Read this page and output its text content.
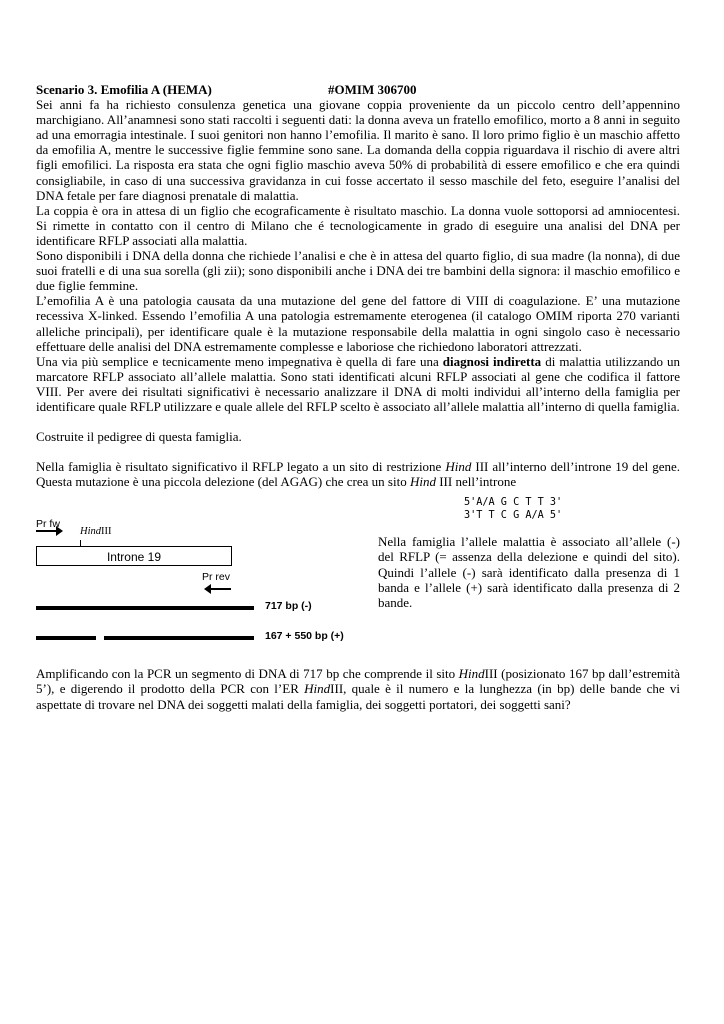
Scenario 3. Emofilia A (HEMA)	#OMIM 306700

Sei anni fa ha richiesto consulenza genetica una giovane coppia proveniente da un piccolo centro dell’appennino marchigiano. All’anamnesi sono stati raccolti i seguenti dati: la donna aveva un fratello emofilico, morto a 8 anni in seguito ad una emorragia intestinale. I suoi genitori non hanno l’emofilia. Il marito è sano. Il loro primo figlio è un maschio affetto da emofilia A, mentre le successive figlie femmine sono sane. La domanda della coppia riguardava il rischio di avere altri figli emofilici. La risposta era stata che ogni figlio maschio aveva 50% di probabilità di essere emofilico e che era quindi consigliabile, in caso di una successiva gravidanza in cui fosse accertato il sesso maschile del feto, eseguire l’analisi del DNA fetale per fare diagnosi prenatale di malattia.

La coppia è ora in attesa di un figlio che ecograficamente è risultato maschio. La donna vuole sottoporsi ad amniocentesi. Si rimette in contatto con il centro di Milano che é tecnologicamente in grado di eseguire una analisi del DNA per identificare RFLP associati alla malattia.

Sono disponibili i DNA della donna che richiede l’analisi e che è in attesa del quarto figlio, di sua madre (la nonna), di due suoi fratelli e di una sua sorella (gli zii); sono disponibili anche i DNA dei tre bambini della signora: il maschio emofilico e due figlie femmine.

L’emofilia A è una patologia causata da una mutazione del gene del fattore di VIII di coagulazione. E’ una mutazione recessiva X-linked. Essendo l’emofilia A una patologia estremamente eterogenea (il catalogo OMIM riporta 270 varianti alleliche principali), per identificare quale è la mutazione responsabile della malattia in ogni singolo caso è necessario effettuare delle analisi del DNA estremamente complesse e laboriose che richiedono laboratori attrezzati.

Una via più semplice e tecnicamente meno impegnativa è quella di fare una diagnosi indiretta di malattia utilizzando un marcatore RFLP associato all’allele malattia. Sono stati identificati alcuni RFLP associati al gene che codifica il fattore VIII. Per avere dei risultati significativi è necessario analizzare il DNA di molti individui all’interno della famiglia per identificare quale RFLP utilizzare e quale allele del RFLP scelto è associato all’allele malattia all’interno di quella famiglia.

Costruite il pedigree di questa famiglia.

Nella famiglia è risultato significativo il RFLP legato a un sito di restrizione Hind III all’interno dell’introne 19 del gene. Questa mutazione è una piccola delezione (del AGAG) che crea un sito Hind III nell’introne

5'A/A G C T T 3'
3'T T C G A/A 5'
Pr fw
HindIII
Introne 19
Pr rev
717 bp (-)
167 + 550 bp (+)

Nella famiglia l’allele malattia è associato all’allele (-) del RFLP (= assenza della delezione e quindi del sito). Quindi l’allele (-) sarà identificato dalla presenza di 1 banda e l’allele (+) sarà identificato dalla presenza di 2 bande.

Amplificando con la PCR un segmento di DNA di 717 bp che comprende il sito HindIII (posizionato 167 bp dall’estremità 5’), e digerendo il prodotto della PCR con l’ER HindIII, quale è il numero e la lunghezza (in bp) delle bande che vi aspettate di trovare nel DNA dei soggetti malati della famiglia, dei soggetti portatori, dei soggetti sani?
